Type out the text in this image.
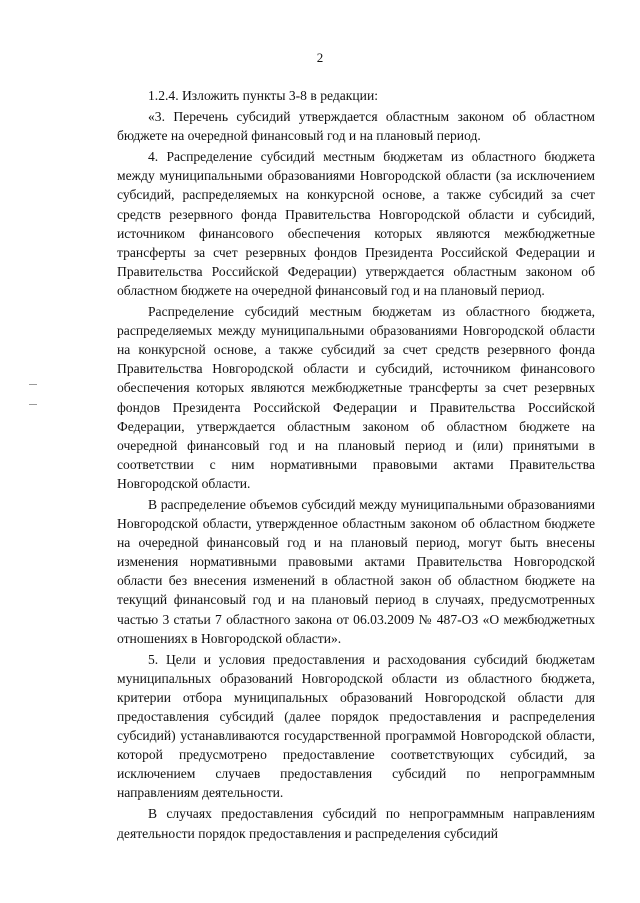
2

1.2.4. Изложить пункты 3-8 в редакции:

«3. Перечень субсидий утверждается областным законом об областном бюджете на очередной финансовый год и на плановый период.

4. Распределение субсидий местным бюджетам из областного бюджета между муниципальными образованиями Новгородской области (за исключением субсидий, распределяемых на конкурсной основе, а также субсидий за счет средств резервного фонда Правительства Новгородской области и субсидий, источником финансового обеспечения которых являются межбюджетные трансферты за счет резервных фондов Президента Российской Федерации и Правительства Российской Федерации) утверждается областным законом об областном бюджете на очередной финансовый год и на плановый период.

Распределение субсидий местным бюджетам из областного бюджета, распределяемых между муниципальными образованиями Новгородской области на конкурсной основе, а также субсидий за счет средств резервного фонда Правительства Новгородской области и субсидий, источником финансового обеспечения которых являются межбюджетные трансферты за счет резервных фондов Президента Российской Федерации и Правительства Российской Федерации, утверждается областным законом об областном бюджете на очередной финансовый год и на плановый период и (или) принятыми в соответствии с ним нормативными правовыми актами Правительства Новгородской области.

В распределение объемов субсидий между муниципальными образованиями Новгородской области, утвержденное областным законом об областном бюджете на очередной финансовый год и на плановый период, могут быть внесены изменения нормативными правовыми актами Правительства Новгородской области без внесения изменений в областной закон об областном бюджете на текущий финансовый год и на плановый период в случаях, предусмотренных частью 3 статьи 7 областного закона от 06.03.2009 № 487-ОЗ «О межбюджетных отношениях в Новгородской области».

5. Цели и условия предоставления и расходования субсидий бюджетам муниципальных образований Новгородской области из областного бюджета, критерии отбора муниципальных образований Новгородской области для предоставления субсидий (далее порядок предоставления и распределения субсидий) устанавливаются государственной программой Новгородской области, которой предусмотрено предоставление соответствующих субсидий, за исключением случаев предоставления субсидий по непрограммным направлениям деятельности.

В случаях предоставления субсидий по непрограммным направлениям деятельности порядок предоставления и распределения субсидий
